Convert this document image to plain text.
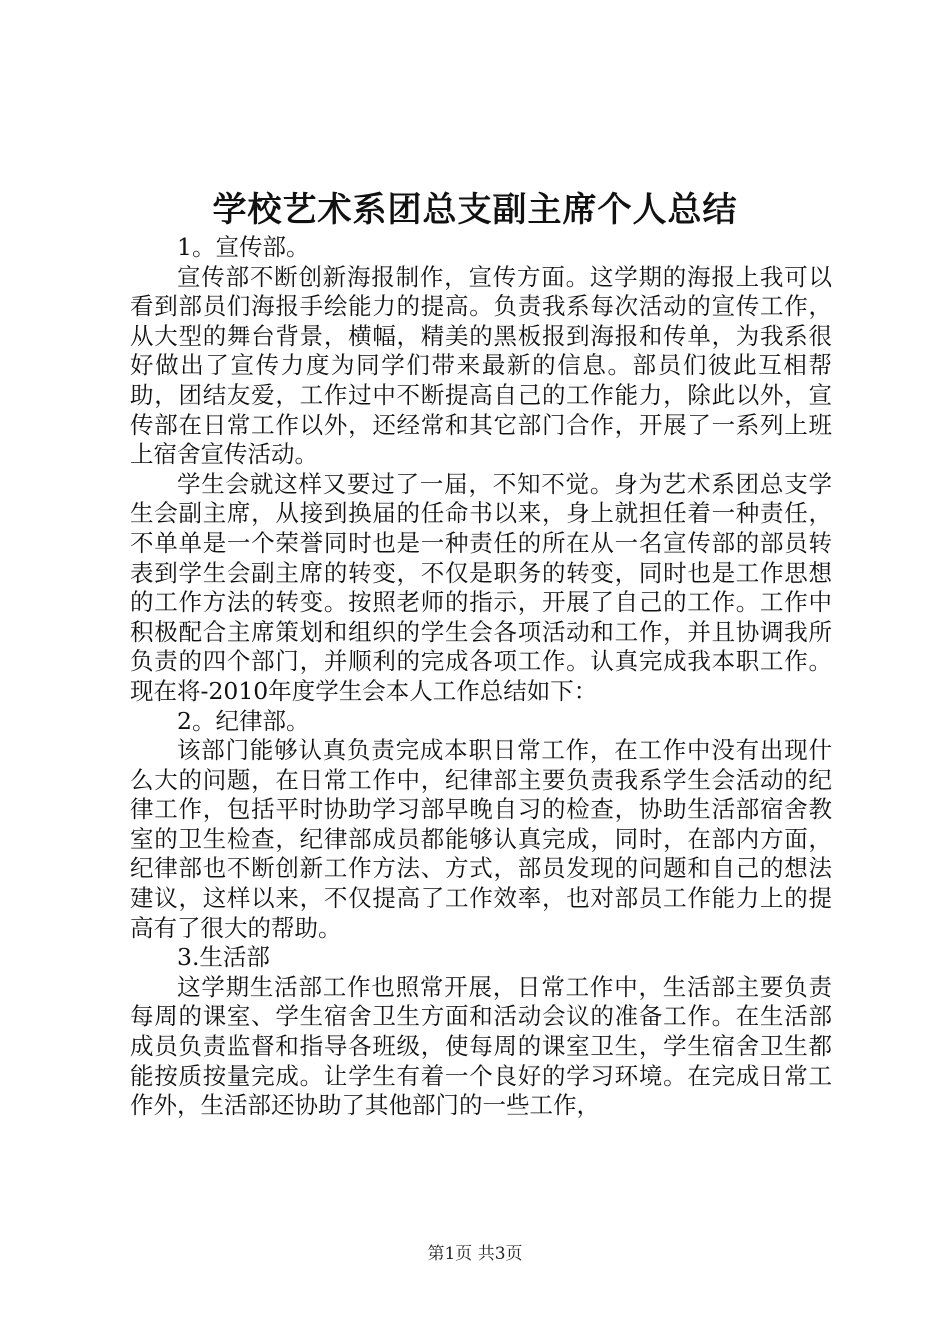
学校艺术系团总支副主席个人总结

1。宣传部。

宣传部不断创新海报制作，宣传方面。这学期的海报上我可以看到部员们海报手绘能力的提高。负责我系每次活动的宣传工作，从大型的舞台背景，横幅，精美的黑板报到海报和传单，为我系很好做出了宣传力度为同学们带来最新的信息。部员们彼此互相帮助，团结友爱，工作过中不断提高自己的工作能力，除此以外，宣传部在日常工作以外，还经常和其它部门合作，开展了一系列上班上宿舍宣传活动。

学生会就这样又要过了一届，不知不觉。身为艺术系团总支学生会副主席，从接到换届的任命书以来，身上就担任着一种责任，不单单是一个荣誉同时也是一种责任的所在从一名宣传部的部员转表到学生会副主席的转变，不仅是职务的转变，同时也是工作思想的工作方法的转变。按照老师的指示，开展了自己的工作。工作中积极配合主席策划和组织的学生会各项活动和工作，并且协调我所负责的四个部门，并顺利的完成各项工作。认真完成我本职工作。现在将-2010年度学生会本人工作总结如下：

2。纪律部。

该部门能够认真负责完成本职日常工作，在工作中没有出现什么大的问题，在日常工作中，纪律部主要负责我系学生会活动的纪律工作，包括平时协助学习部早晚自习的检查，协助生活部宿舍教室的卫生检查，纪律部成员都能够认真完成，同时，在部内方面，纪律部也不断创新工作方法、方式，部员发现的问题和自己的想法建议，这样以来，不仅提高了工作效率，也对部员工作能力上的提高有了很大的帮助。

3.生活部

这学期生活部工作也照常开展，日常工作中，生活部主要负责每周的课室、学生宿舍卫生方面和活动会议的准备工作。在生活部成员负责监督和指导各班级，使每周的课室卫生，学生宿舍卫生都能按质按量完成。让学生有着一个良好的学习环境。在完成日常工作外，生活部还协助了其他部门的一些工作，

第1页 共3页
